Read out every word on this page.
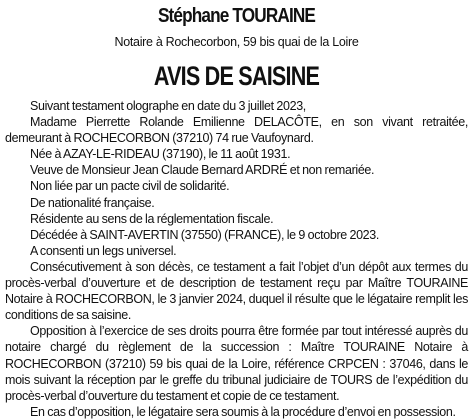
Stéphane TOURAINE
Notaire à Rochecorbon, 59 bis quai de la Loire
AVIS DE SAISINE

Suivant testament olographe en date du 3 juillet 2023,

Madame Pierrette Rolande Emilienne DELACÔTE, en son vivant retraitée, demeurant à ROCHECORBON (37210) 74 rue Vaufoynard.

Née à AZAY-LE-RIDEAU (37190), le 11 août 1931.

Veuve de Monsieur Jean Claude Bernard ARDRÉ et non remariée.

Non liée par un pacte civil de solidarité.

De nationalité française.

Résidente au sens de la réglementation fiscale.

Décédée à SAINT-AVERTIN (37550) (FRANCE), le 9 octobre 2023.

A consenti un legs universel.

Consécutivement à son décès, ce testament a fait l’objet d’un dépôt aux termes du procès-verbal d’ouverture et de description de testament reçu par Maître TOURAINE Notaire à ROCHECORBON, le 3 janvier 2024, duquel il résulte que le légataire remplit les conditions de sa saisine.

Opposition à l’exercice de ses droits pourra être formée par tout intéressé auprès du notaire chargé du règlement de la succession : Maître TOURAINE Notaire à ROCHECORBON (37210) 59 bis quai de la Loire, référence CRPCEN : 37046, dans le mois suivant la réception par le greffe du tribunal judiciaire de TOURS de l’expédition du procès-verbal d’ouverture du testament et copie de ce testament.

En cas d’opposition, le légataire sera soumis à la procédure d’envoi en possession.
